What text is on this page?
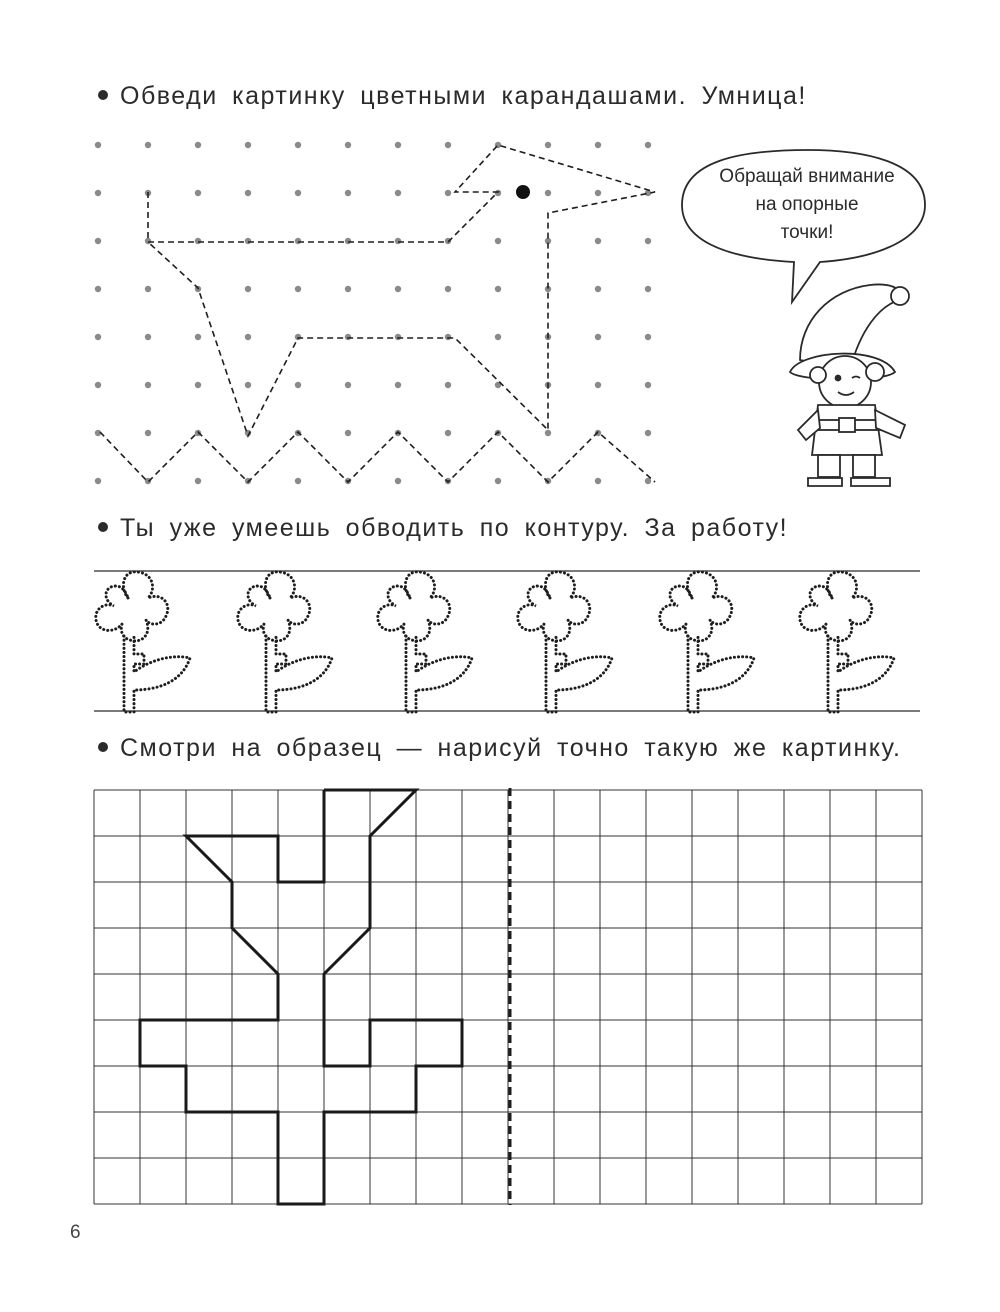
Обведи картинку цветными карандашами. Умница!
Обращай внимание
на опорные
точки!
Ты уже умеешь обводить по контуру. За работу!
Смотри на образец — нарисуй точно такую же картинку.
6
